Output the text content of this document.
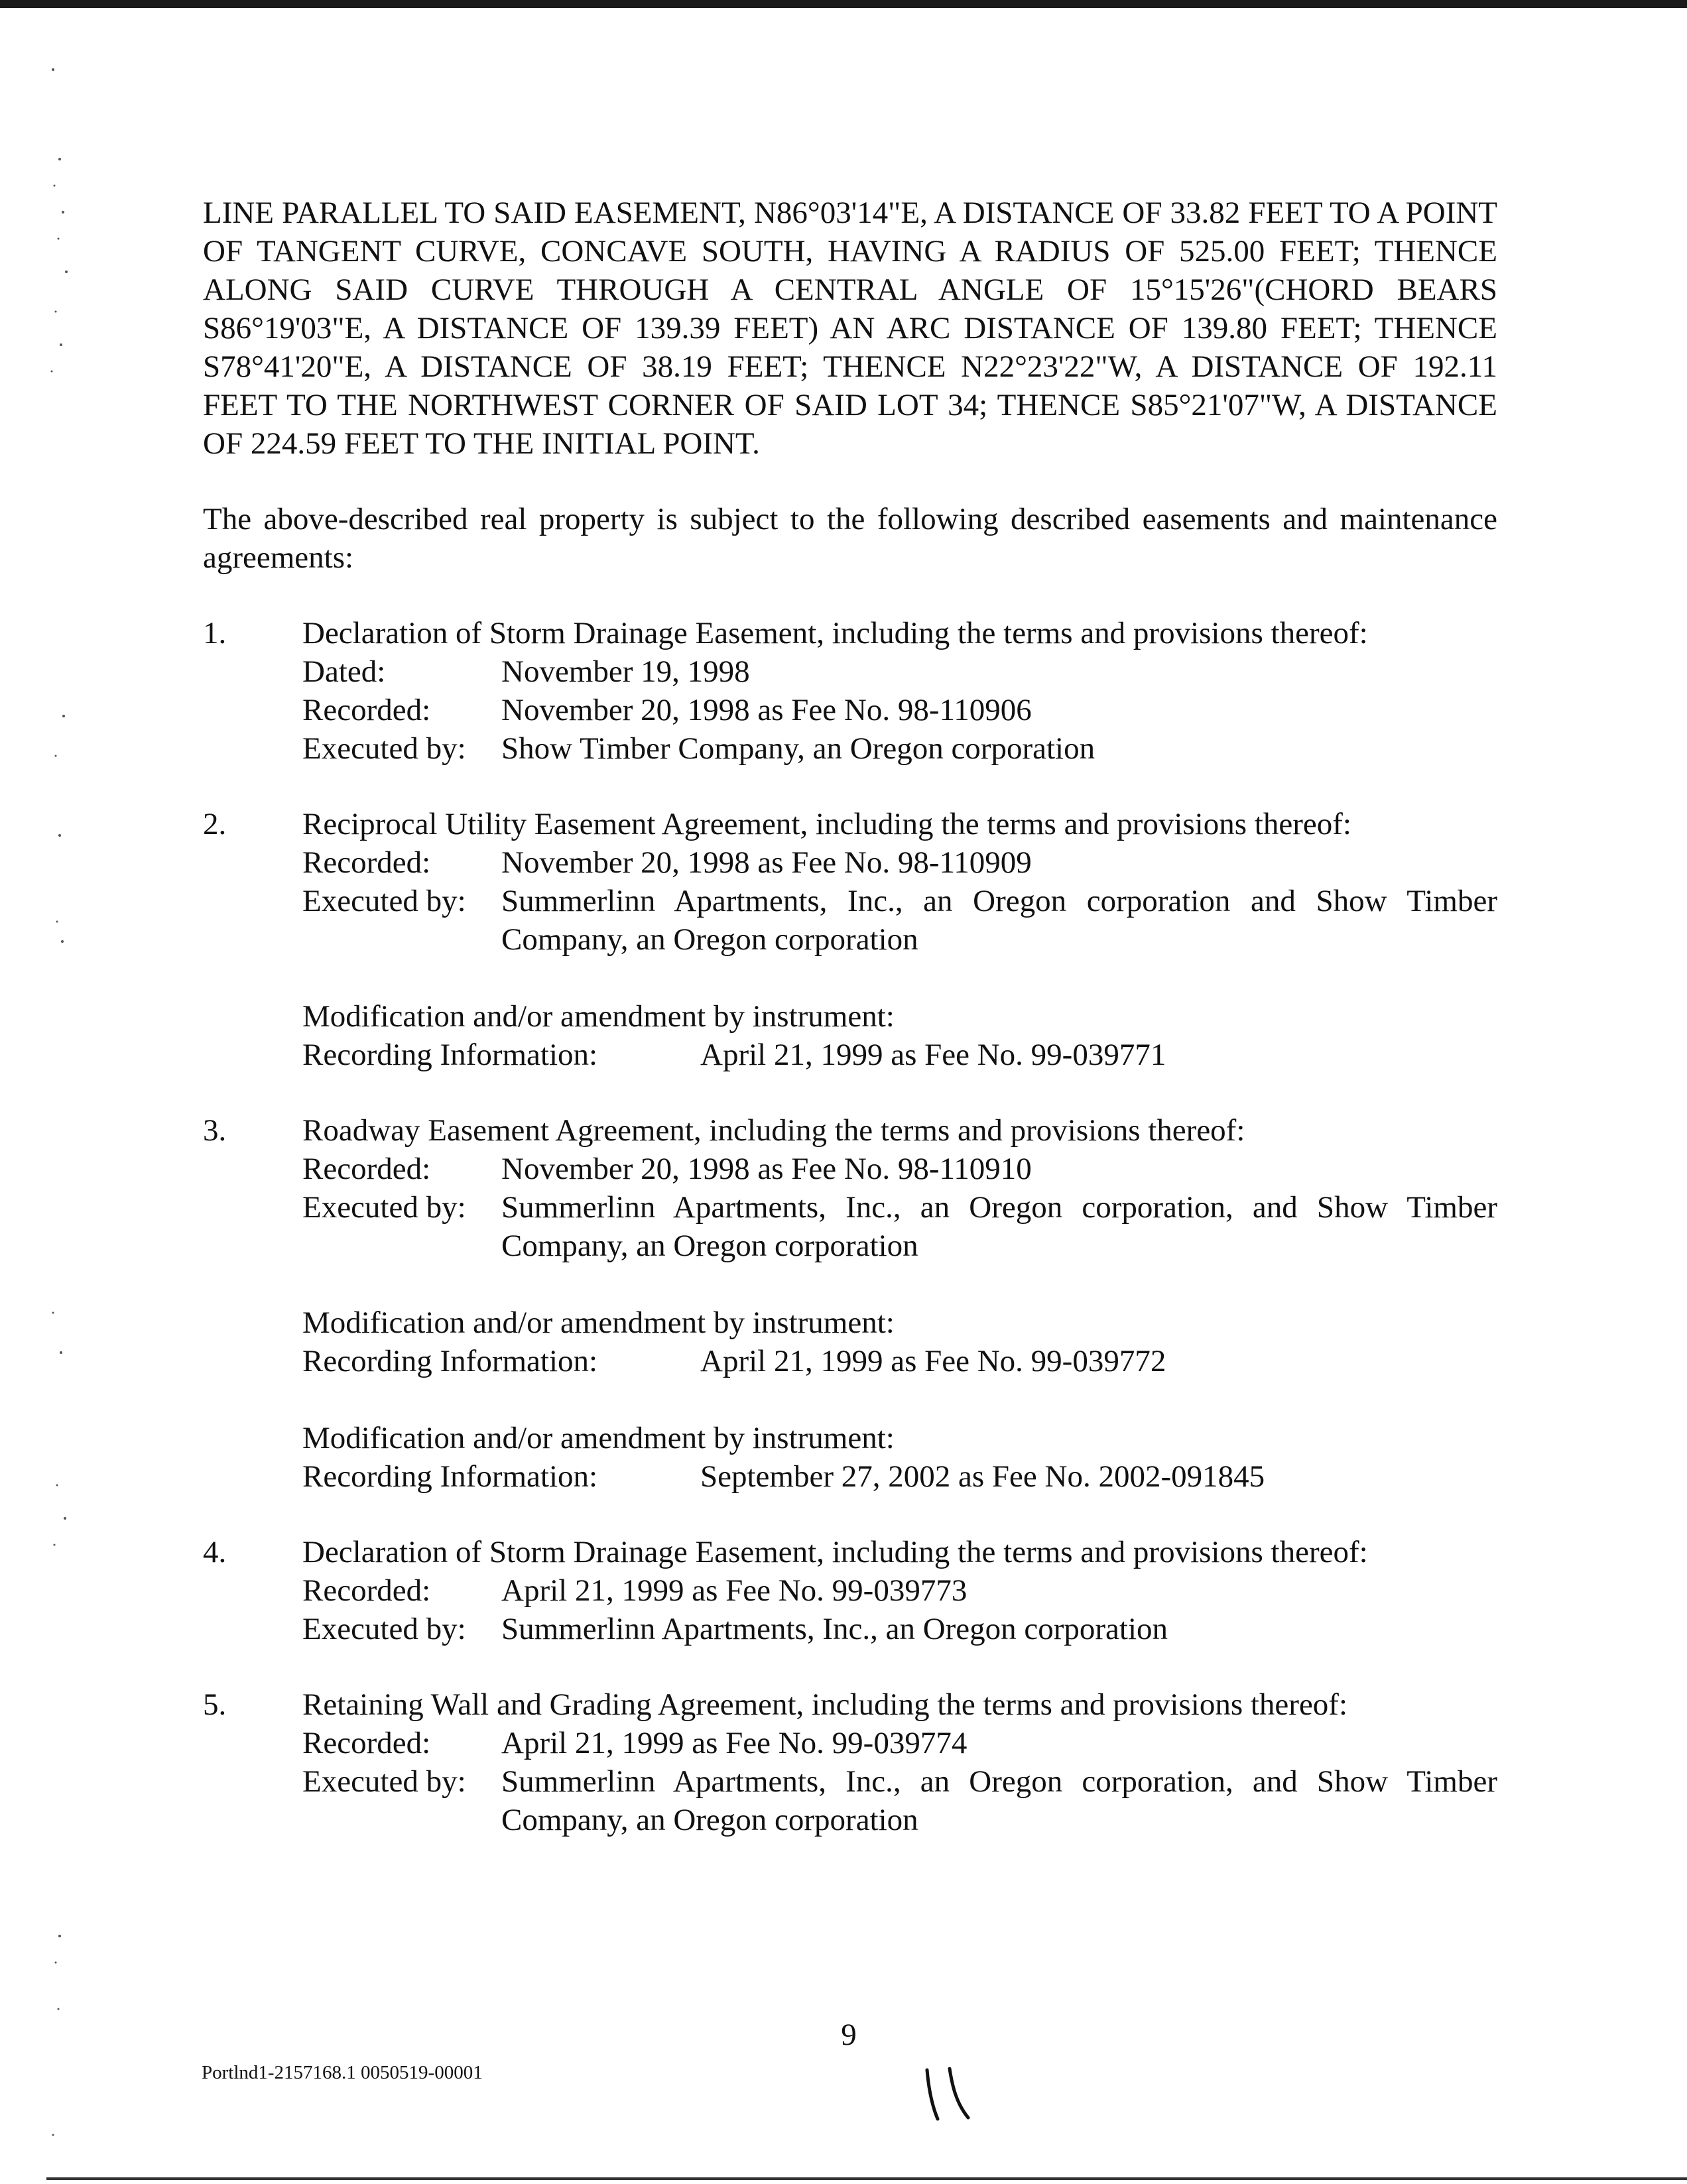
LINE PARALLEL TO SAID EASEMENT, N86°03'14"E, A DISTANCE OF 33.82 FEET TO A POINT OF TANGENT CURVE, CONCAVE SOUTH, HAVING A RADIUS OF 525.00 FEET; THENCE ALONG SAID CURVE THROUGH A CENTRAL ANGLE OF 15°15'26"(CHORD BEARS S86°19'03"E, A DISTANCE OF 139.39 FEET) AN ARC DISTANCE OF 139.80 FEET; THENCE S78°41'20"E, A DISTANCE OF 38.19 FEET; THENCE N22°23'22"W, A DISTANCE OF 192.11 FEET TO THE NORTHWEST CORNER OF SAID LOT 34; THENCE S85°21'07"W, A DISTANCE OF 224.59 FEET TO THE INITIAL POINT.

The above-described real property is subject to the following described easements and maintenance agreements:

1.	Declaration of Storm Drainage Easement, including the terms and provisions thereof:
Dated:	November 19, 1998
Recorded:	November 20, 1998 as Fee No. 98-110906
Executed by:	Show Timber Company, an Oregon corporation
2.	Reciprocal Utility Easement Agreement, including the terms and provisions thereof:
Recorded:	November 20, 1998 as Fee No. 98-110909
Executed by:	Summerlinn Apartments, Inc., an Oregon corporation and Show Timber Company, an Oregon corporation
Modification and/or amendment by instrument:
Recording Information:	April 21, 1999 as Fee No. 99-039771
3.	Roadway Easement Agreement, including the terms and provisions thereof:
Recorded:	November 20, 1998 as Fee No. 98-110910
Executed by:	Summerlinn Apartments, Inc., an Oregon corporation, and Show Timber Company, an Oregon corporation
Modification and/or amendment by instrument:
Recording Information:	April 21, 1999 as Fee No. 99-039772
Modification and/or amendment by instrument:
Recording Information:	September 27, 2002 as Fee No. 2002-091845
4.	Declaration of Storm Drainage Easement, including the terms and provisions thereof:
Recorded:	April 21, 1999 as Fee No. 99-039773
Executed by:	Summerlinn Apartments, Inc., an Oregon corporation
5.	Retaining Wall and Grading Agreement, including the terms and provisions thereof:
Recorded:	April 21, 1999 as Fee No. 99-039774
Executed by:	Summerlinn Apartments, Inc., an Oregon corporation, and Show Timber Company, an Oregon corporation
9
Portlnd1-2157168.1 0050519-00001
